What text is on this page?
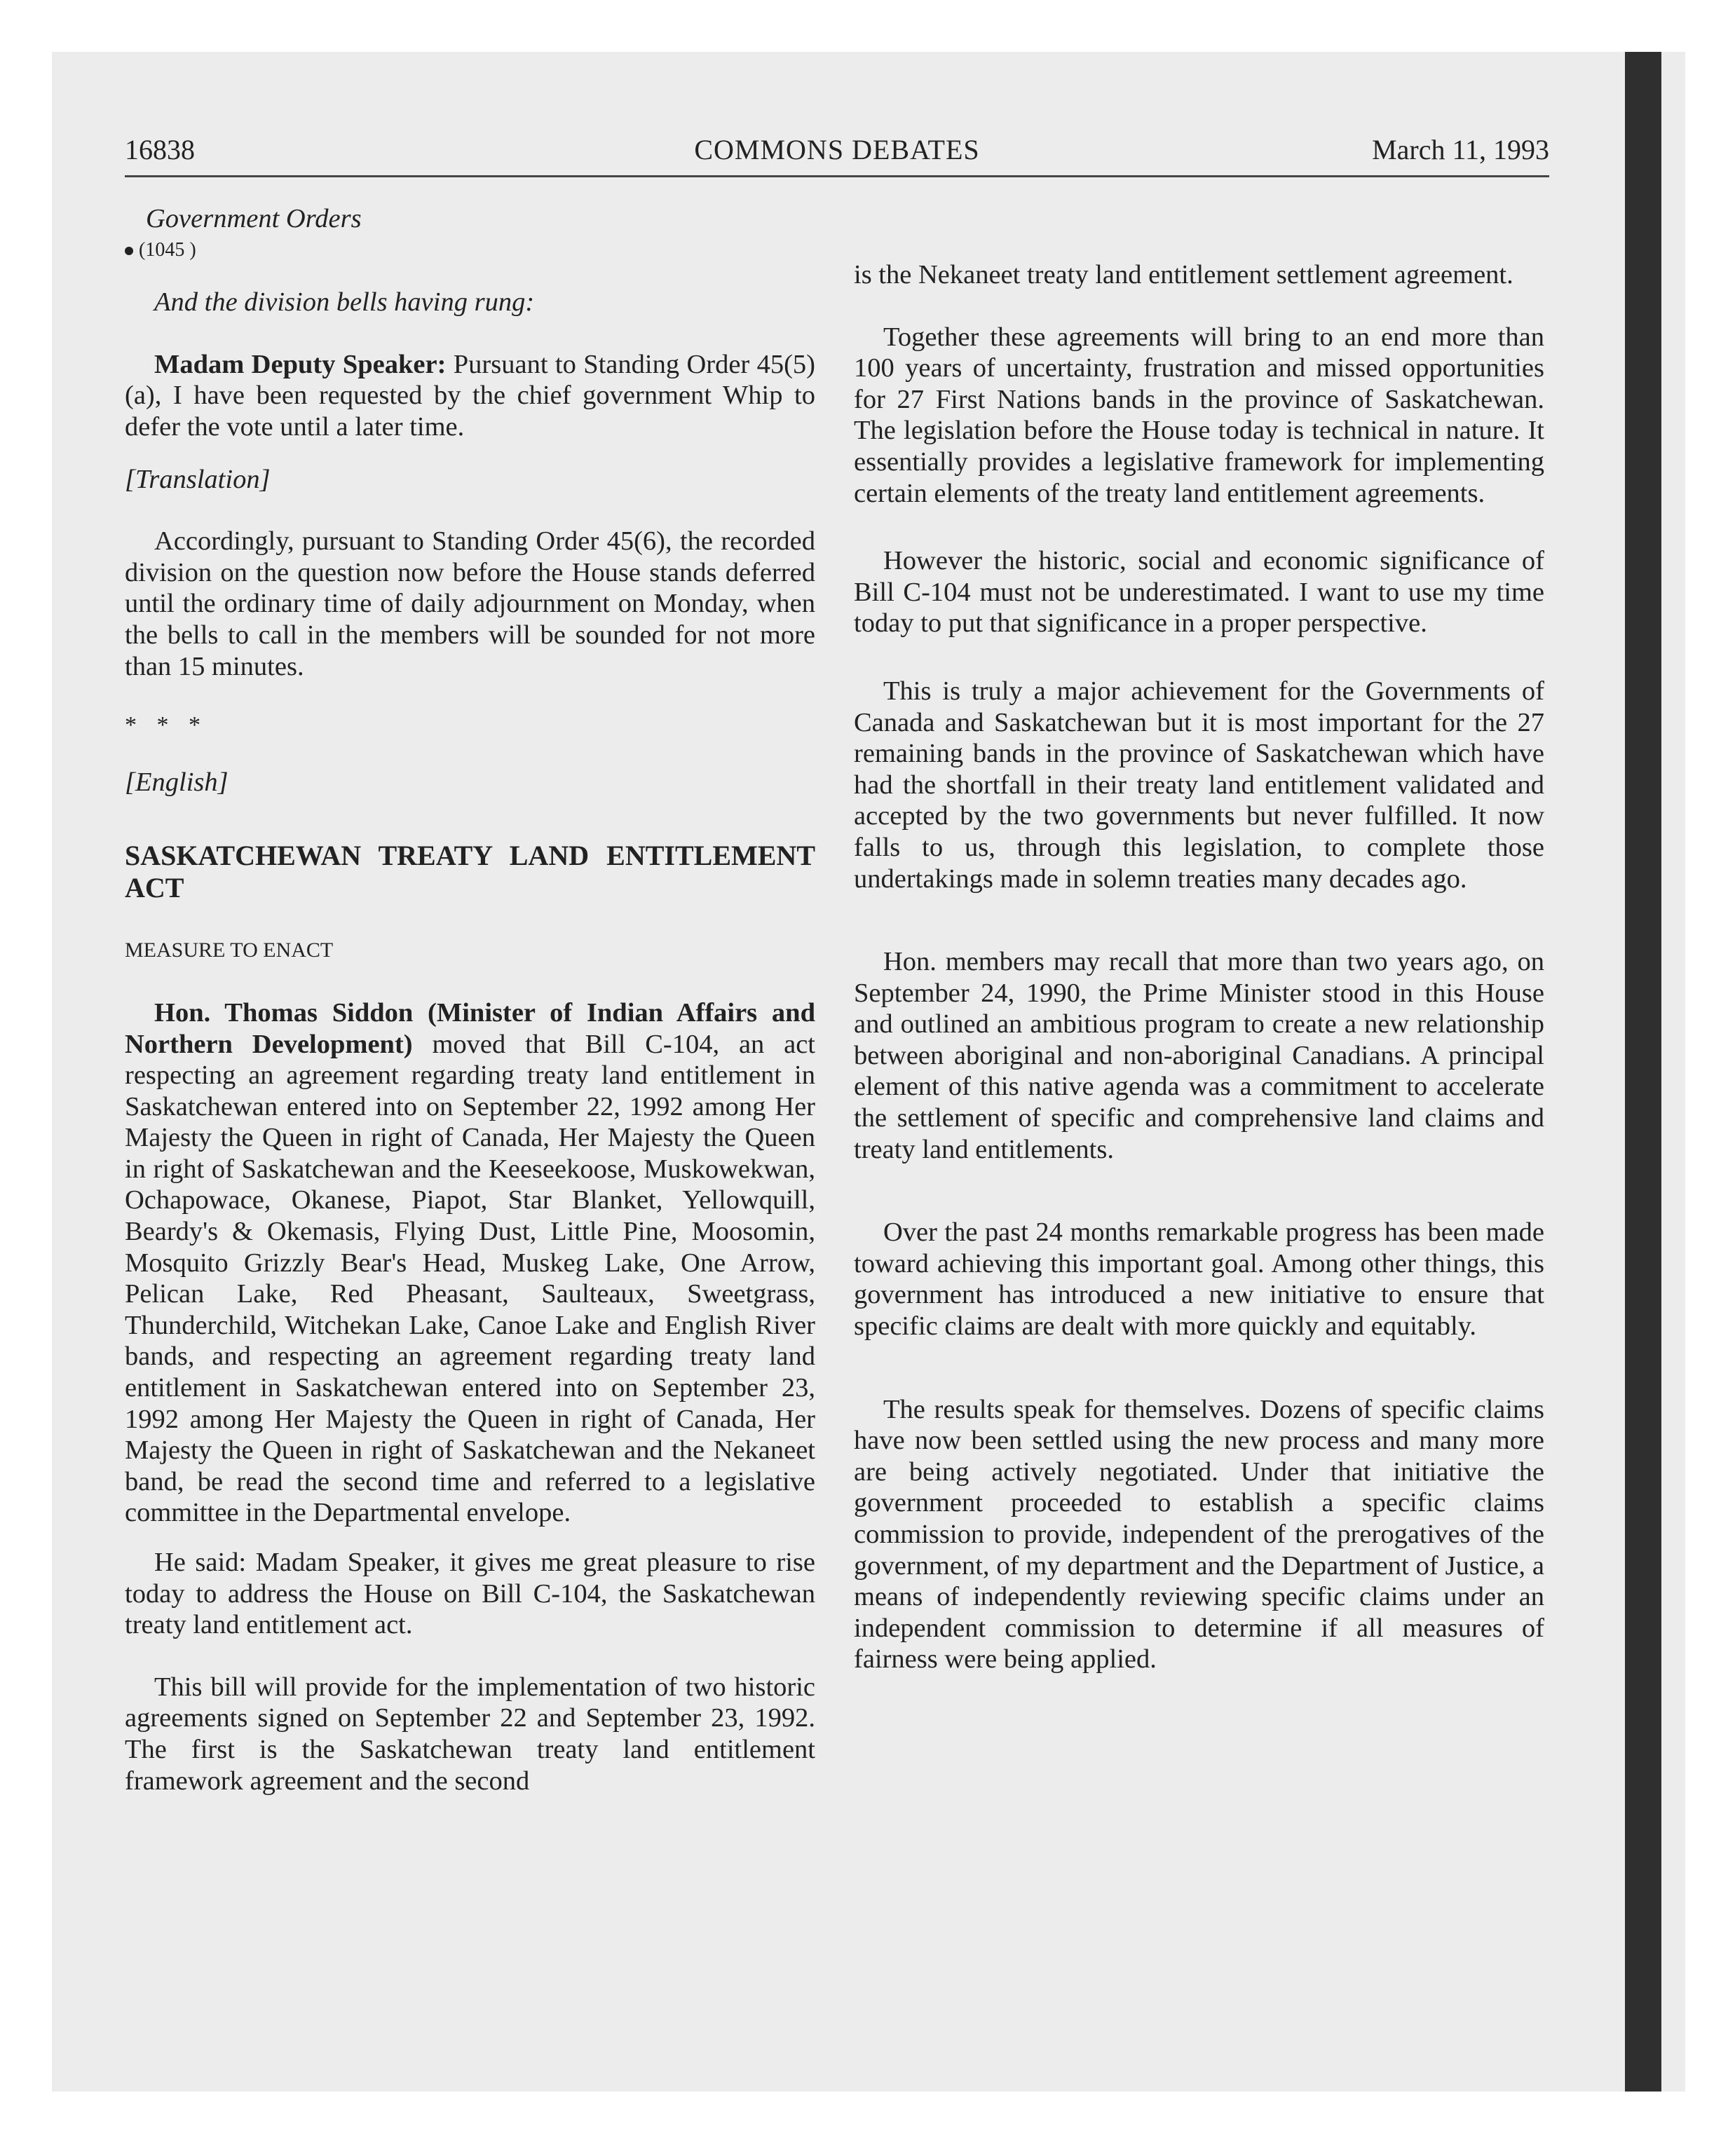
16838	COMMONS DEBATES	March 11, 1993

Government Orders

(1045 )

And the division bells having rung:

Madam Deputy Speaker: Pursuant to Standing Order 45(5)(a), I have been requested by the chief government Whip to defer the vote until a later time.

[Translation]

Accordingly, pursuant to Standing Order 45(6), the recorded division on the question now before the House stands deferred until the ordinary time of daily adjournment on Monday, when the bells to call in the members will be sounded for not more than 15 minutes.

* * *

[English]

SASKATCHEWAN TREATY LAND ENTITLEMENT ACT

MEASURE TO ENACT

Hon. Thomas Siddon (Minister of Indian Affairs and Northern Development) moved that Bill C-104, an act respecting an agreement regarding treaty land entitlement in Saskatchewan entered into on September 22, 1992 among Her Majesty the Queen in right of Canada, Her Majesty the Queen in right of Saskatchewan and the Keeseekoose, Muskowekwan, Ochapowace, Okanese, Piapot, Star Blanket, Yellowquill, Beardy's & Okemasis, Flying Dust, Little Pine, Moosomin, Mosquito Grizzly Bear's Head, Muskeg Lake, One Arrow, Pelican Lake, Red Pheasant, Saulteaux, Sweetgrass, Thunderchild, Witchekan Lake, Canoe Lake and English River bands, and respecting an agreement regarding treaty land entitlement in Saskatchewan entered into on September 23, 1992 among Her Majesty the Queen in right of Canada, Her Majesty the Queen in right of Saskatchewan and the Nekaneet band, be read the second time and referred to a legislative committee in the Departmental envelope.

He said: Madam Speaker, it gives me great pleasure to rise today to address the House on Bill C-104, the Saskatchewan treaty land entitlement act.

This bill will provide for the implementation of two historic agreements signed on September 22 and September 23, 1992. The first is the Saskatchewan treaty land entitlement framework agreement and the second

is the Nekaneet treaty land entitlement settlement agreement.

Together these agreements will bring to an end more than 100 years of uncertainty, frustration and missed opportunities for 27 First Nations bands in the province of Saskatchewan. The legislation before the House today is technical in nature. It essentially provides a legislative framework for implementing certain elements of the treaty land entitlement agreements.

However the historic, social and economic significance of Bill C-104 must not be underestimated. I want to use my time today to put that significance in a proper perspective.

This is truly a major achievement for the Governments of Canada and Saskatchewan but it is most important for the 27 remaining bands in the province of Saskatchewan which have had the shortfall in their treaty land entitlement validated and accepted by the two governments but never fulfilled. It now falls to us, through this legislation, to complete those undertakings made in solemn treaties many decades ago.

Hon. members may recall that more than two years ago, on September 24, 1990, the Prime Minister stood in this House and outlined an ambitious program to create a new relationship between aboriginal and non-aboriginal Canadians. A principal element of this native agenda was a commitment to accelerate the settlement of specific and comprehensive land claims and treaty land entitlements.

Over the past 24 months remarkable progress has been made toward achieving this important goal. Among other things, this government has introduced a new initiative to ensure that specific claims are dealt with more quickly and equitably.

The results speak for themselves. Dozens of specific claims have now been settled using the new process and many more are being actively negotiated. Under that initiative the government proceeded to establish a specific claims commission to provide, independent of the prerogatives of the government, of my department and the Department of Justice, a means of independently reviewing specific claims under an independent commission to determine if all measures of fairness were being applied.
